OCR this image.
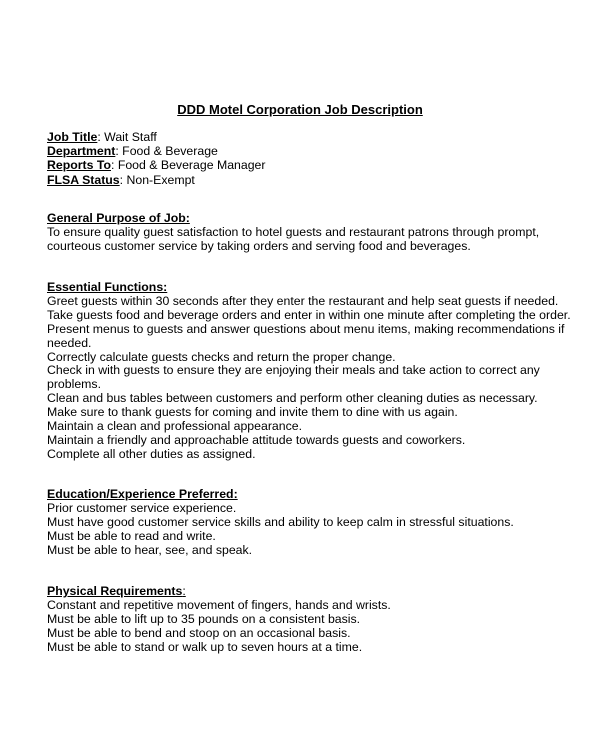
DDD Motel Corporation Job Description
Job Title: Wait Staff
Department: Food & Beverage
Reports To: Food & Beverage Manager
FLSA Status: Non-Exempt
General Purpose of Job:
To ensure quality guest satisfaction to hotel guests and restaurant patrons through prompt,
courteous customer service by taking orders and serving food and beverages.
Essential Functions:
Greet guests within 30 seconds after they enter the restaurant and help seat guests if needed.
Take guests food and beverage orders and enter in within one minute after completing the order.
Present menus to guests and answer questions about menu items, making recommendations if needed.
Correctly calculate guests checks and return the proper change.
Check in with guests to ensure they are enjoying their meals and take action to correct any problems.
Clean and bus tables between customers and perform other cleaning duties as necessary.
Make sure to thank guests for coming and invite them to dine with us again.
Maintain a clean and professional appearance.
Maintain a friendly and approachable attitude towards guests and coworkers.
Complete all other duties as assigned.
Education/Experience Preferred:
Prior customer service experience.
Must have good customer service skills and ability to keep calm in stressful situations.
Must be able to read and write.
Must be able to hear, see, and speak.
Physical Requirements:
Constant and repetitive movement of fingers, hands and wrists.
Must be able to lift up to 35 pounds on a consistent basis.
Must be able to bend and stoop on an occasional basis.
Must be able to stand or walk up to seven hours at a time.
